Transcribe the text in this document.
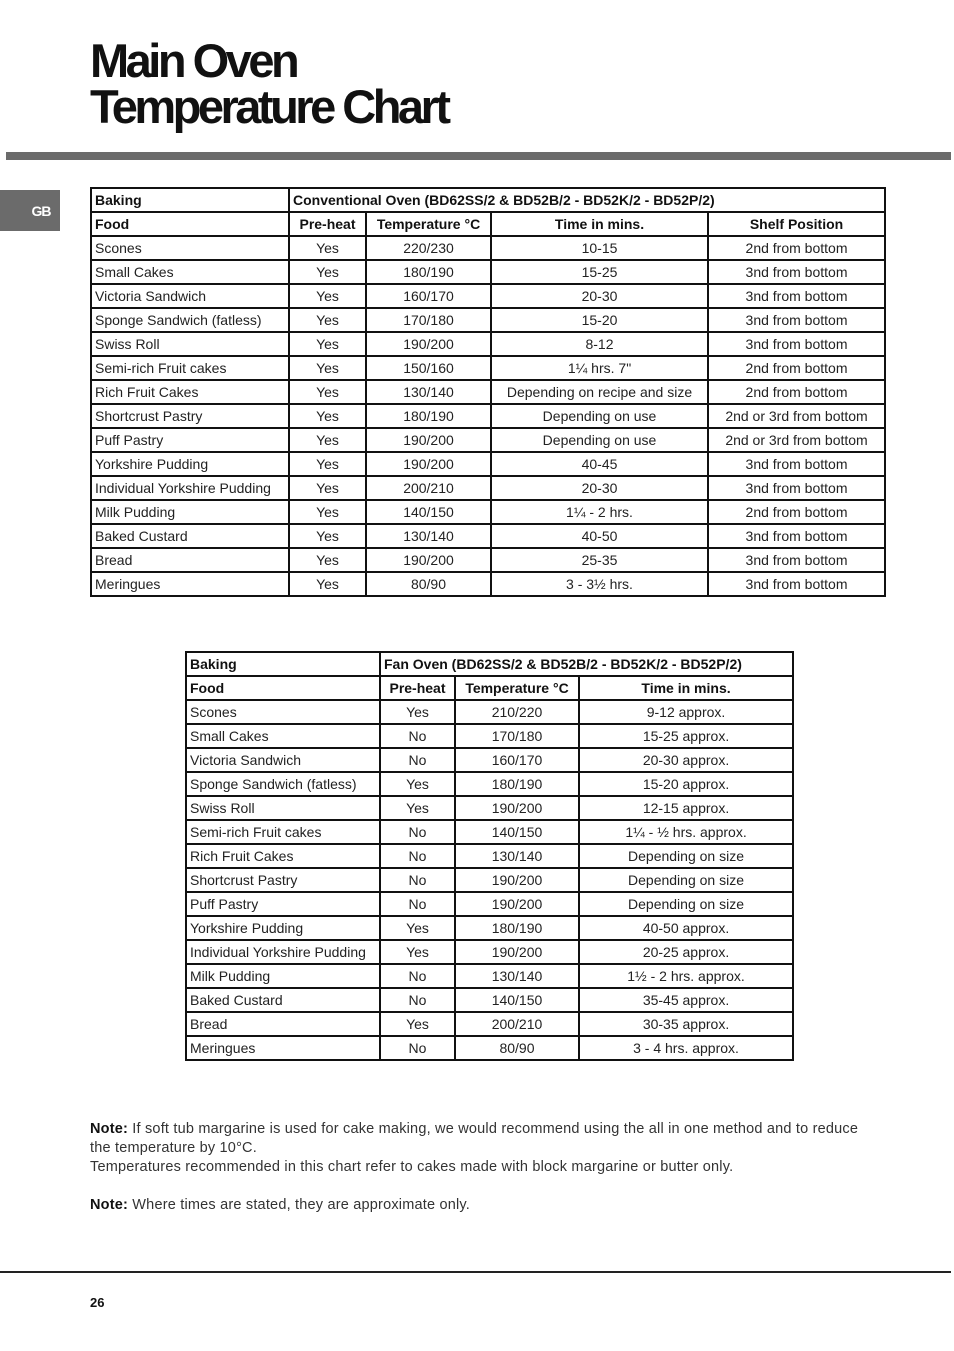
Main Oven
Temperature Chart
GB
Baking	Conventional Oven (BD62SS/2 & BD52B/2 - BD52K/2 - BD52P/2)			
Food	Pre-heat	Temperature °C	Time in mins.	Shelf Position
Scones	Yes	220/230	10-15	2nd from bottom
Small Cakes	Yes	180/190	15-25	3nd from bottom
Victoria Sandwich	Yes	160/170	20-30	3nd from bottom
Sponge Sandwich (fatless)	Yes	170/180	15-20	3nd from bottom
Swiss Roll	Yes	190/200	8-12	3nd from bottom
Semi-rich Fruit cakes	Yes	150/160	1¼ hrs. 7"	2nd from bottom
Rich Fruit Cakes	Yes	130/140	Depending on recipe and size	2nd from bottom
Shortcrust Pastry	Yes	180/190	Depending on use	2nd or 3rd from bottom
Puff Pastry	Yes	190/200	Depending on use	2nd or 3rd from bottom
Yorkshire Pudding	Yes	190/200	40-45	3nd from bottom
Individual Yorkshire Pudding	Yes	200/210	20-30	3nd from bottom
Milk Pudding	Yes	140/150	1¼ - 2 hrs.	2nd from bottom
Baked Custard	Yes	130/140	40-50	3nd from bottom
Bread	Yes	190/200	25-35	3nd from bottom
Meringues	Yes	80/90	3 - 3½ hrs.	3nd from bottom
Baking	Fan Oven (BD62SS/2 & BD52B/2 - BD52K/2 - BD52P/2)		
Food	Pre-heat	Temperature °C	Time in mins.
Scones	Yes	210/220	9-12 approx.
Small Cakes	No	170/180	15-25 approx.
Victoria Sandwich	No	160/170	20-30 approx.
Sponge Sandwich (fatless)	Yes	180/190	15-20 approx.
Swiss Roll	Yes	190/200	12-15 approx.
Semi-rich Fruit cakes	No	140/150	1¼ - ½ hrs. approx.
Rich Fruit Cakes	No	130/140	Depending on size
Shortcrust Pastry	No	190/200	Depending on size
Puff Pastry	No	190/200	Depending on size
Yorkshire Pudding	Yes	180/190	40-50 approx.
Individual Yorkshire Pudding	Yes	190/200	20-25 approx.
Milk Pudding	No	130/140	1½ - 2 hrs. approx.
Baked Custard	No	140/150	35-45 approx.
Bread	Yes	200/210	30-35 approx.
Meringues	No	80/90	3 - 4 hrs. approx.

Note: If soft tub margarine is used for cake making, we would recommend using the all in one method and to reduce the temperature by 10°C.

Temperatures recommended in this chart refer to cakes made with block margarine or butter only.

Note: Where times are stated, they are approximate only.

26
